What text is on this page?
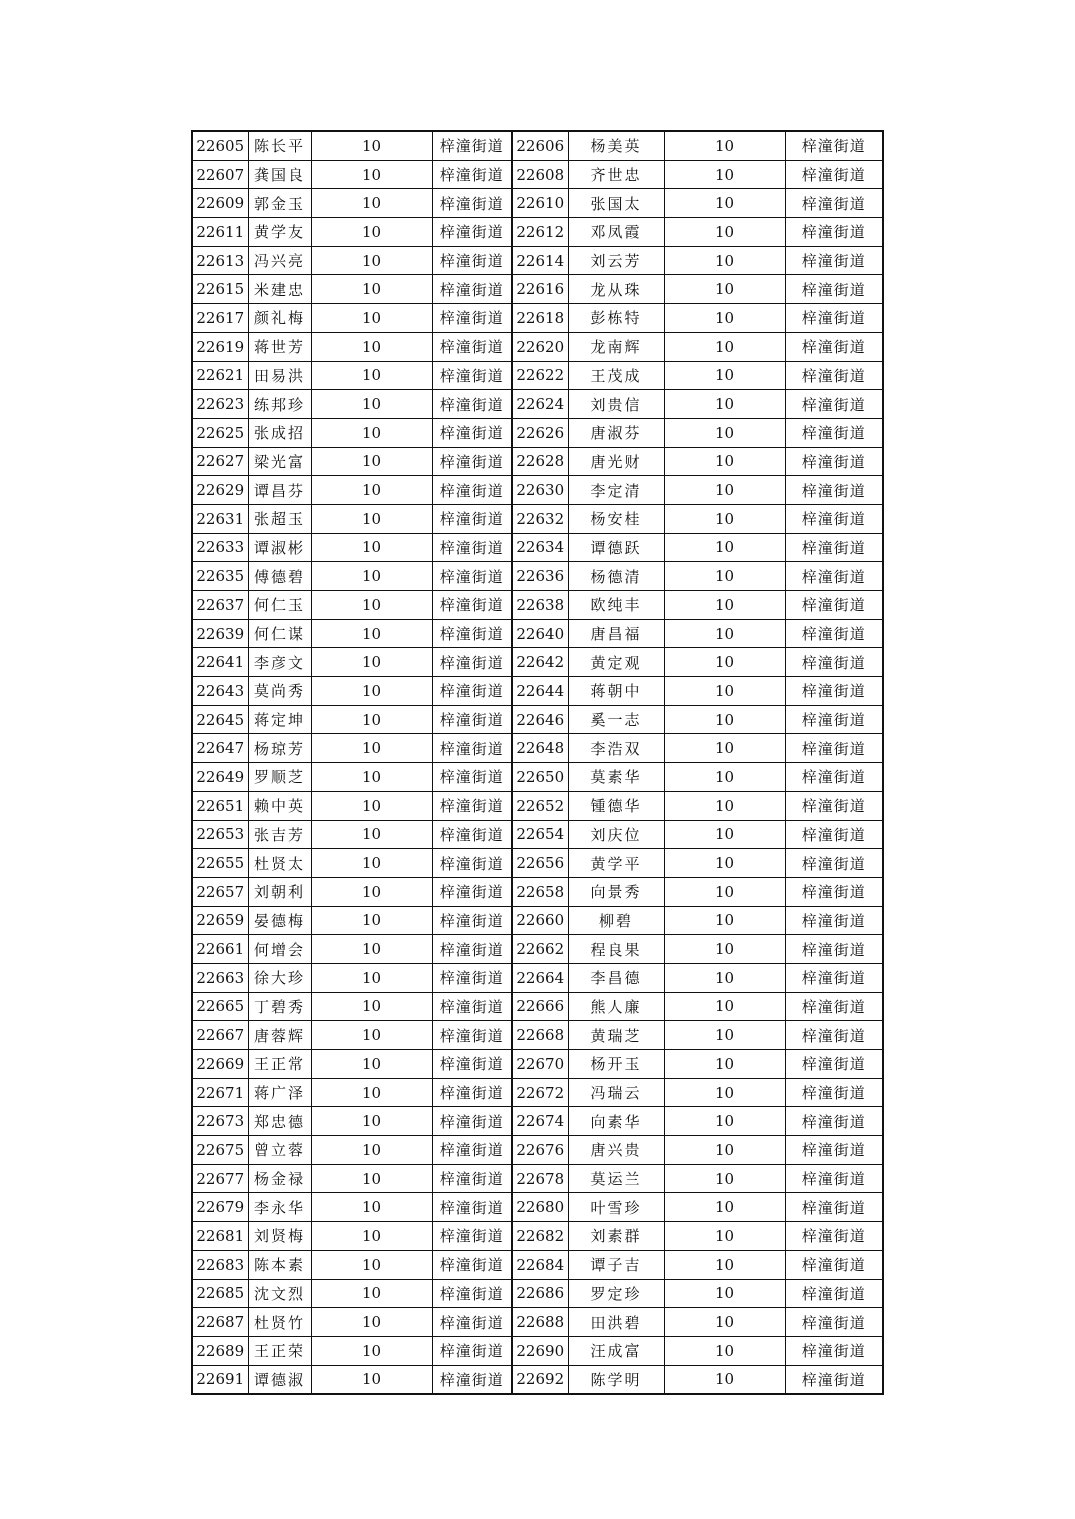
22605	陈长平	10	梓潼街道	22606	杨美英	10	梓潼街道
22607	龚国良	10	梓潼街道	22608	齐世忠	10	梓潼街道
22609	郭金玉	10	梓潼街道	22610	张国太	10	梓潼街道
22611	黄学友	10	梓潼街道	22612	邓凤霞	10	梓潼街道
22613	冯兴亮	10	梓潼街道	22614	刘云芳	10	梓潼街道
22615	米建忠	10	梓潼街道	22616	龙从珠	10	梓潼街道
22617	颜礼梅	10	梓潼街道	22618	彭栋特	10	梓潼街道
22619	蒋世芳	10	梓潼街道	22620	龙南辉	10	梓潼街道
22621	田易洪	10	梓潼街道	22622	王茂成	10	梓潼街道
22623	练邦珍	10	梓潼街道	22624	刘贵信	10	梓潼街道
22625	张成招	10	梓潼街道	22626	唐淑芬	10	梓潼街道
22627	梁光富	10	梓潼街道	22628	唐光财	10	梓潼街道
22629	谭昌芬	10	梓潼街道	22630	李定清	10	梓潼街道
22631	张超玉	10	梓潼街道	22632	杨安桂	10	梓潼街道
22633	谭淑彬	10	梓潼街道	22634	谭德跃	10	梓潼街道
22635	傅德碧	10	梓潼街道	22636	杨德清	10	梓潼街道
22637	何仁玉	10	梓潼街道	22638	欧纯丰	10	梓潼街道
22639	何仁谋	10	梓潼街道	22640	唐昌福	10	梓潼街道
22641	李彦文	10	梓潼街道	22642	黄定观	10	梓潼街道
22643	莫尚秀	10	梓潼街道	22644	蒋朝中	10	梓潼街道
22645	蒋定坤	10	梓潼街道	22646	奚一志	10	梓潼街道
22647	杨琼芳	10	梓潼街道	22648	李浩双	10	梓潼街道
22649	罗顺芝	10	梓潼街道	22650	莫素华	10	梓潼街道
22651	赖中英	10	梓潼街道	22652	锺德华	10	梓潼街道
22653	张吉芳	10	梓潼街道	22654	刘庆位	10	梓潼街道
22655	杜贤太	10	梓潼街道	22656	黄学平	10	梓潼街道
22657	刘朝利	10	梓潼街道	22658	向景秀	10	梓潼街道
22659	晏德梅	10	梓潼街道	22660	柳碧	10	梓潼街道
22661	何增会	10	梓潼街道	22662	程良果	10	梓潼街道
22663	徐大珍	10	梓潼街道	22664	李昌德	10	梓潼街道
22665	丁碧秀	10	梓潼街道	22666	熊人廉	10	梓潼街道
22667	唐蓉辉	10	梓潼街道	22668	黄瑞芝	10	梓潼街道
22669	王正常	10	梓潼街道	22670	杨开玉	10	梓潼街道
22671	蒋广泽	10	梓潼街道	22672	冯瑞云	10	梓潼街道
22673	郑忠德	10	梓潼街道	22674	向素华	10	梓潼街道
22675	曾立蓉	10	梓潼街道	22676	唐兴贵	10	梓潼街道
22677	杨金禄	10	梓潼街道	22678	莫运兰	10	梓潼街道
22679	李永华	10	梓潼街道	22680	叶雪珍	10	梓潼街道
22681	刘贤梅	10	梓潼街道	22682	刘素群	10	梓潼街道
22683	陈本素	10	梓潼街道	22684	谭子吉	10	梓潼街道
22685	沈文烈	10	梓潼街道	22686	罗定珍	10	梓潼街道
22687	杜贤竹	10	梓潼街道	22688	田洪碧	10	梓潼街道
22689	王正荣	10	梓潼街道	22690	汪成富	10	梓潼街道
22691	谭德淑	10	梓潼街道	22692	陈学明	10	梓潼街道
